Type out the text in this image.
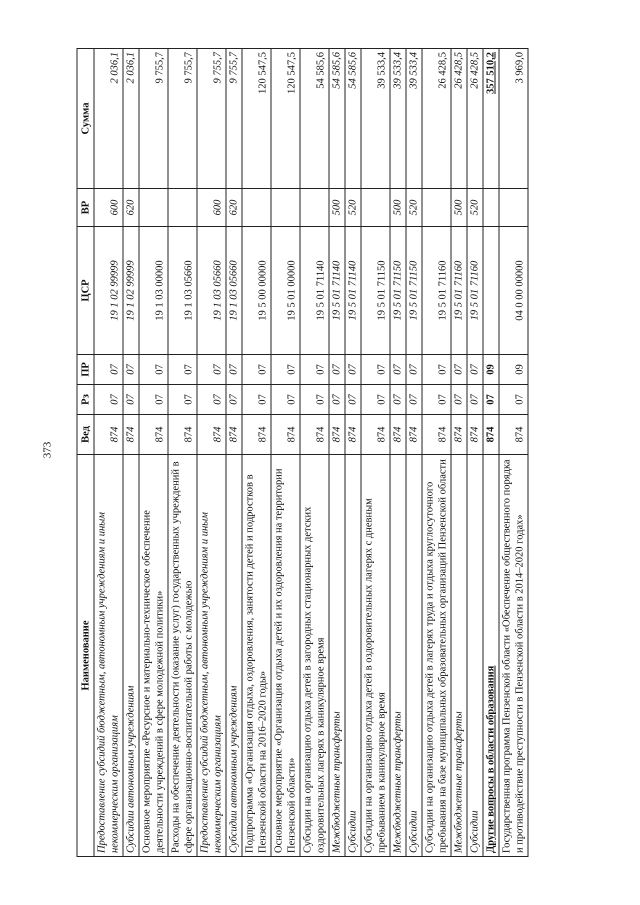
373
Наименование	Вед	Рз	ПР	ЦСР	ВР	Сумма
Предоставление субсидий бюджетным, автономным учреждениям и иным некоммерческим организациям	874	07	07	19 1 02 99999	600	2 036,1
Субсидии автономным учреждениям	874	07	07	19 1 02 99999	620	2 036,1
Основное мероприятие «Ресурсное и материально-техническое обеспечение деятельности учреждений в сфере молодежной политики»	874	07	07	19 1 03 00000		9 755,7
Расходы на обеспечение деятельности (оказание услуг) государственных учреждений в сфере организационно-воспитательной работы с молодежью	874	07	07	19 1 03 05660		9 755,7
Предоставление субсидий бюджетным, автономным учреждениям и иным некоммерческим организациям	874	07	07	19 1 03 05660	600	9 755,7
Субсидии автономным учреждениям	874	07	07	19 1 03 05660	620	9 755,7
Подпрограмма «Организация отдыха, оздоровления, занятости детей и подростков в Пензенской области на 2016–2020 годы»	874	07	07	19 5 00 00000		120 547,5
Основное мероприятие «Организация отдыха детей и их оздоровления на территории Пензенской области»	874	07	07	19 5 01 00000		120 547,5
Субсидии на организацию отдыха детей в загородных стационарных детских оздоровительных лагерях в каникулярное время	874	07	07	19 5 01 71140		54 585,6
Межбюджетные трансферты	874	07	07	19 5 01 71140	500	54 585,6
Субсидии	874	07	07	19 5 01 71140	520	54 585,6
Субсидии на организацию отдыха детей в оздоровительных лагерях с дневным пребыванием в каникулярное время	874	07	07	19 5 01 71150		39 533,4
Межбюджетные трансферты	874	07	07	19 5 01 71150	500	39 533,4
Субсидии	874	07	07	19 5 01 71150	520	39 533,4
Субсидии на организацию отдыха детей в лагерях труда и отдыха круглосуточного пребывания на базе муниципальных образовательных организаций Пензенской области	874	07	07	19 5 01 71160		26 428,5
Межбюджетные трансферты	874	07	07	19 5 01 71160	500	26 428,5
Субсидии	874	07	07	19 5 01 71160	520	26 428,5
Другие вопросы в области образования	874	07	09			357 510,2
Государственная программа Пензенской области «Обеспечение общественного порядка и противодействие преступности в Пензенской области в 2014–2020 годах»	874	07	09	04 0 00 00000		3 969,0
